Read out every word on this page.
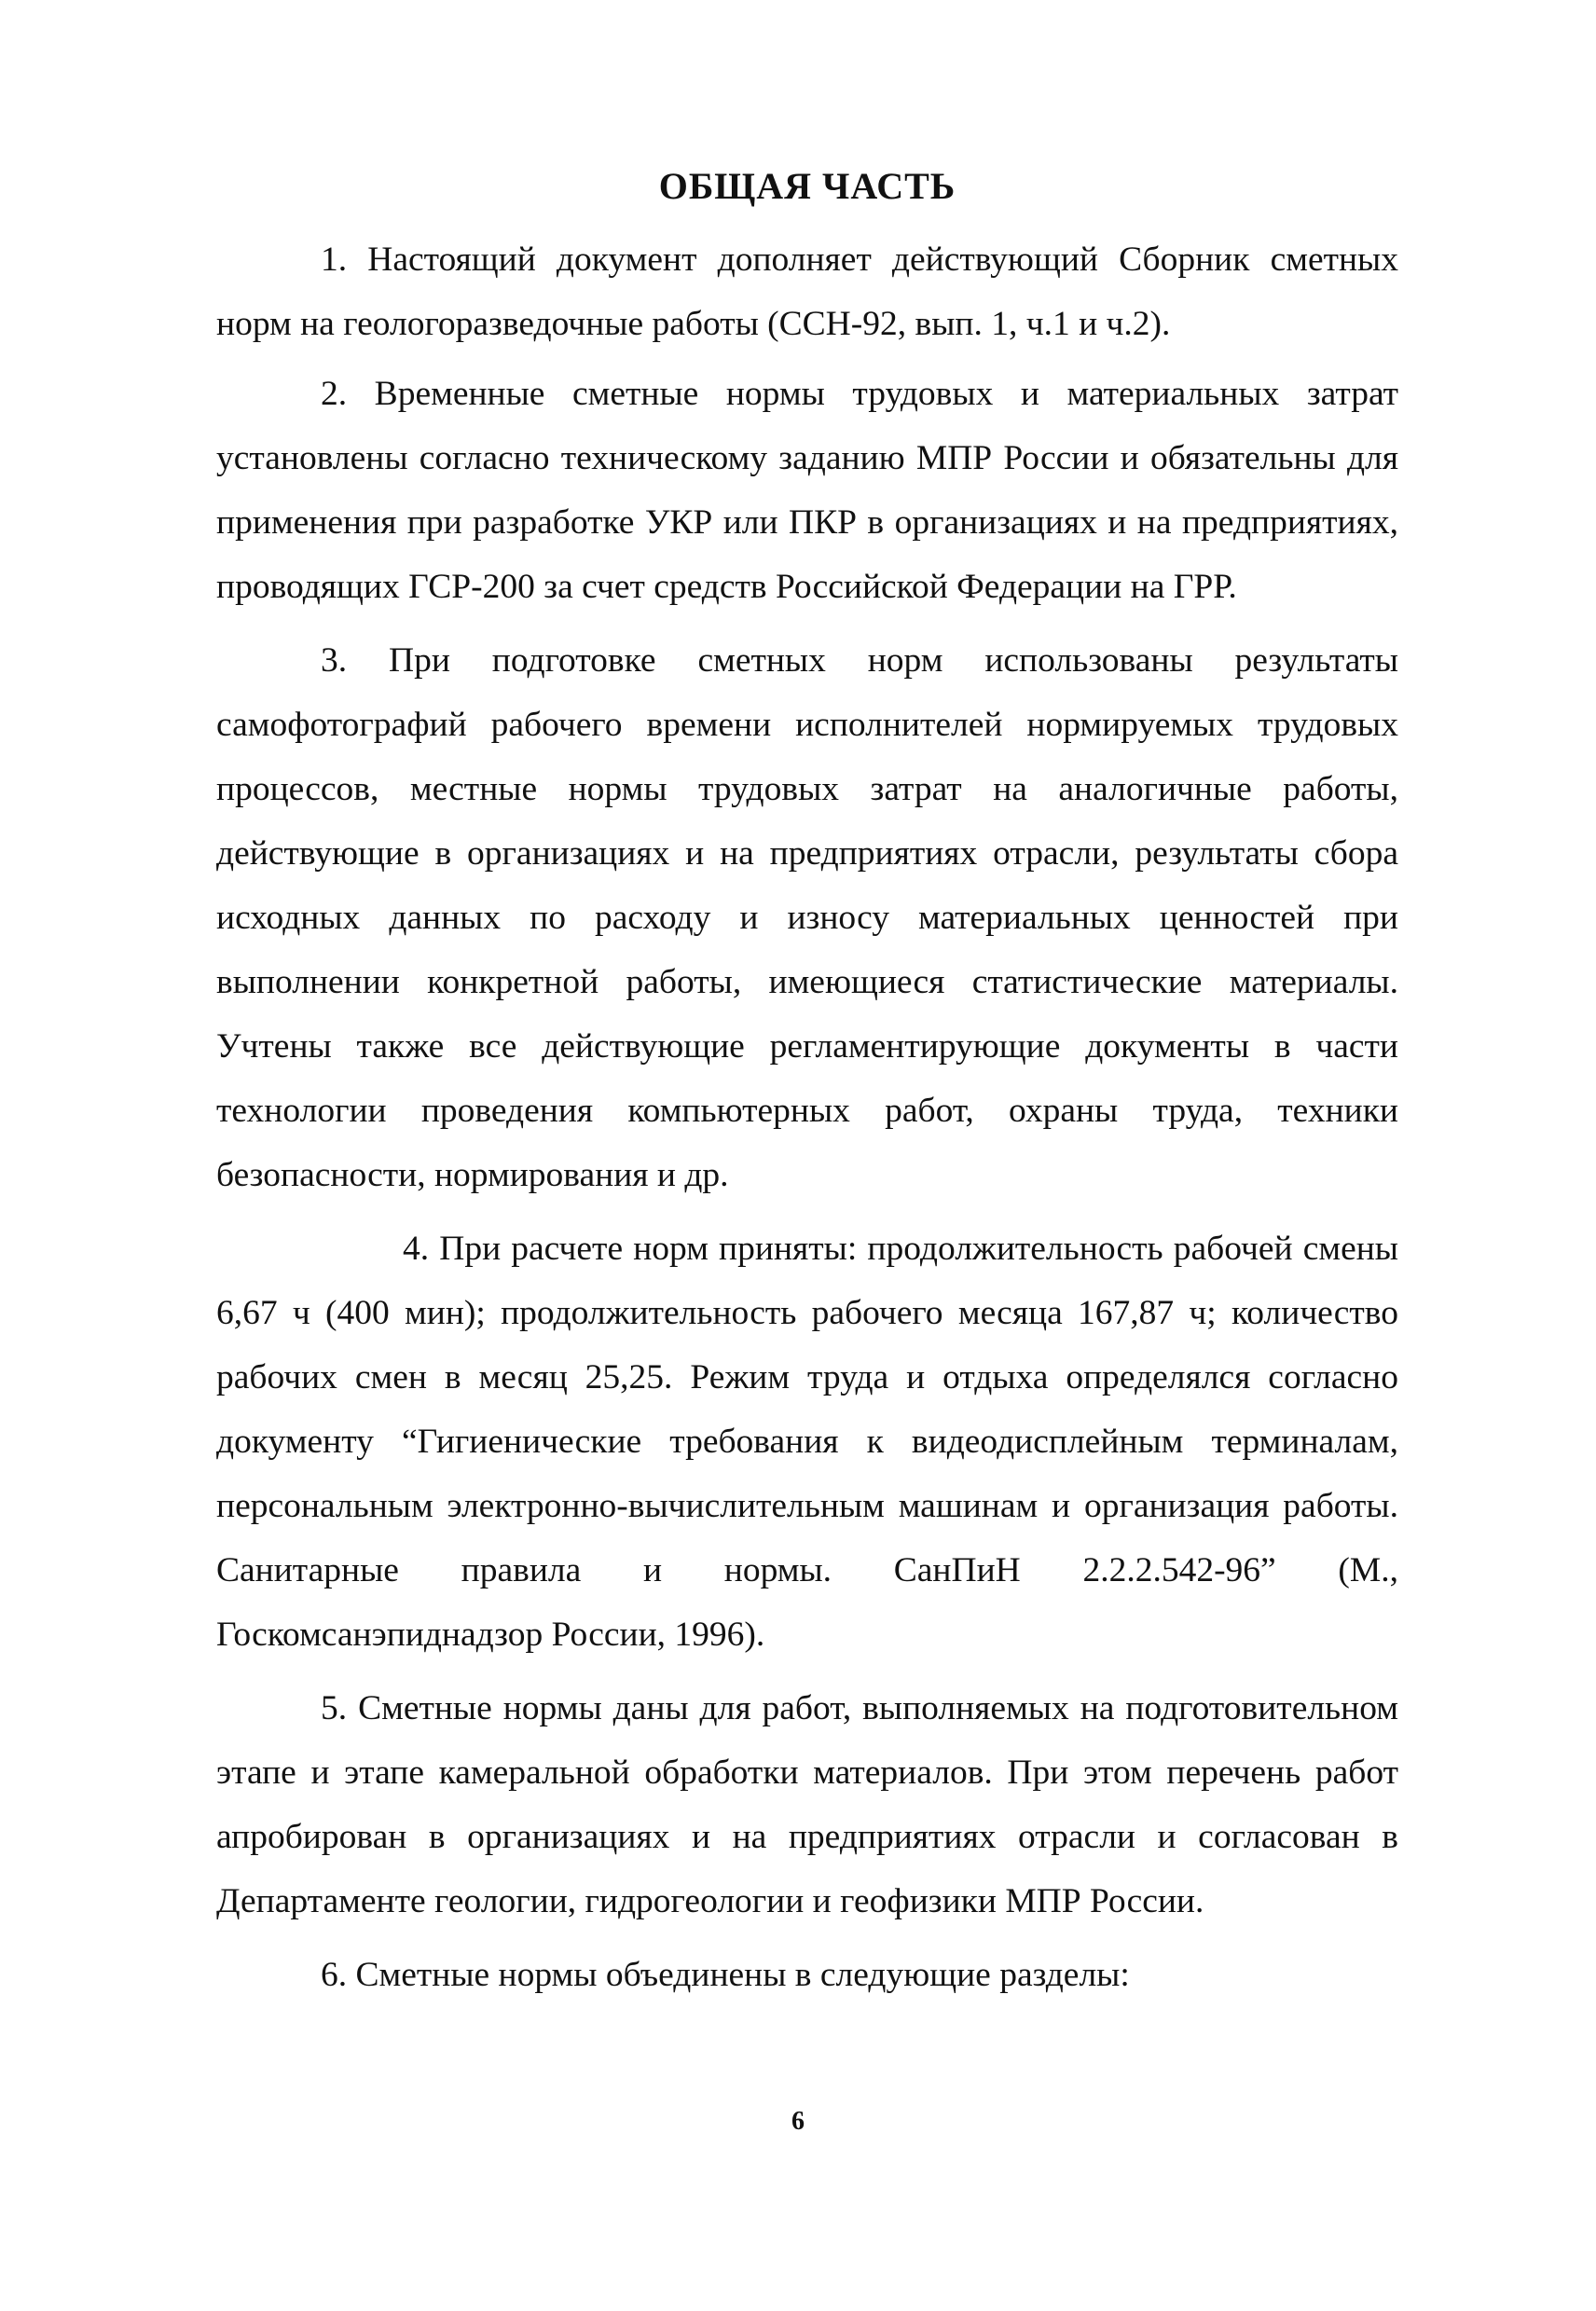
ОБЩАЯ ЧАСТЬ

1. Настоящий документ дополняет действующий Сборник сметных норм на геологоразведочные работы (ССН-92, вып. 1, ч.1 и ч.2).

2. Временные сметные нормы трудовых и материальных затрат установлены согласно техническому заданию МПР России и обязательны для применения при разработке УКР или ПКР в организациях и на предприятиях, проводящих ГСР-200 за счет средств Российской Федерации на ГРР.

3. При подготовке сметных норм использованы результаты самофотографий рабочего времени исполнителей нормируемых трудовых процессов, местные нормы трудовых затрат на аналогичные работы, действующие в организациях и на предприятиях отрасли, результаты сбора исходных данных по расходу и износу материальных ценностей при выполнении конкретной работы, имеющиеся статистические материалы. Учтены также все действующие регламентирующие документы в части технологии проведения компьютерных работ, охраны труда, техники безопасности, нормирования и др.

4. При расчете норм приняты: продолжительность рабочей смены 6,67 ч (400 мин); продолжительность рабочего месяца 167,87 ч; количество рабочих смен в месяц 25,25. Режим труда и отдыха определялся согласно документу “Гигиенические требования к видеодисплейным терминалам, персональным электронно-вычислительным машинам и организация работы. Санитарные правила и нормы. СанПиН 2.2.2.542-96” (М., Госкомсанэпиднадзор России, 1996).

5. Сметные нормы даны для работ, выполняемых на подготовительном этапе и этапе камеральной обработки материалов. При этом перечень работ апробирован в организациях и на предприятиях отрасли и согласован в Департаменте геологии, гидрогеологии и геофизики МПР России.

6. Сметные нормы объединены в следующие разделы:

6
